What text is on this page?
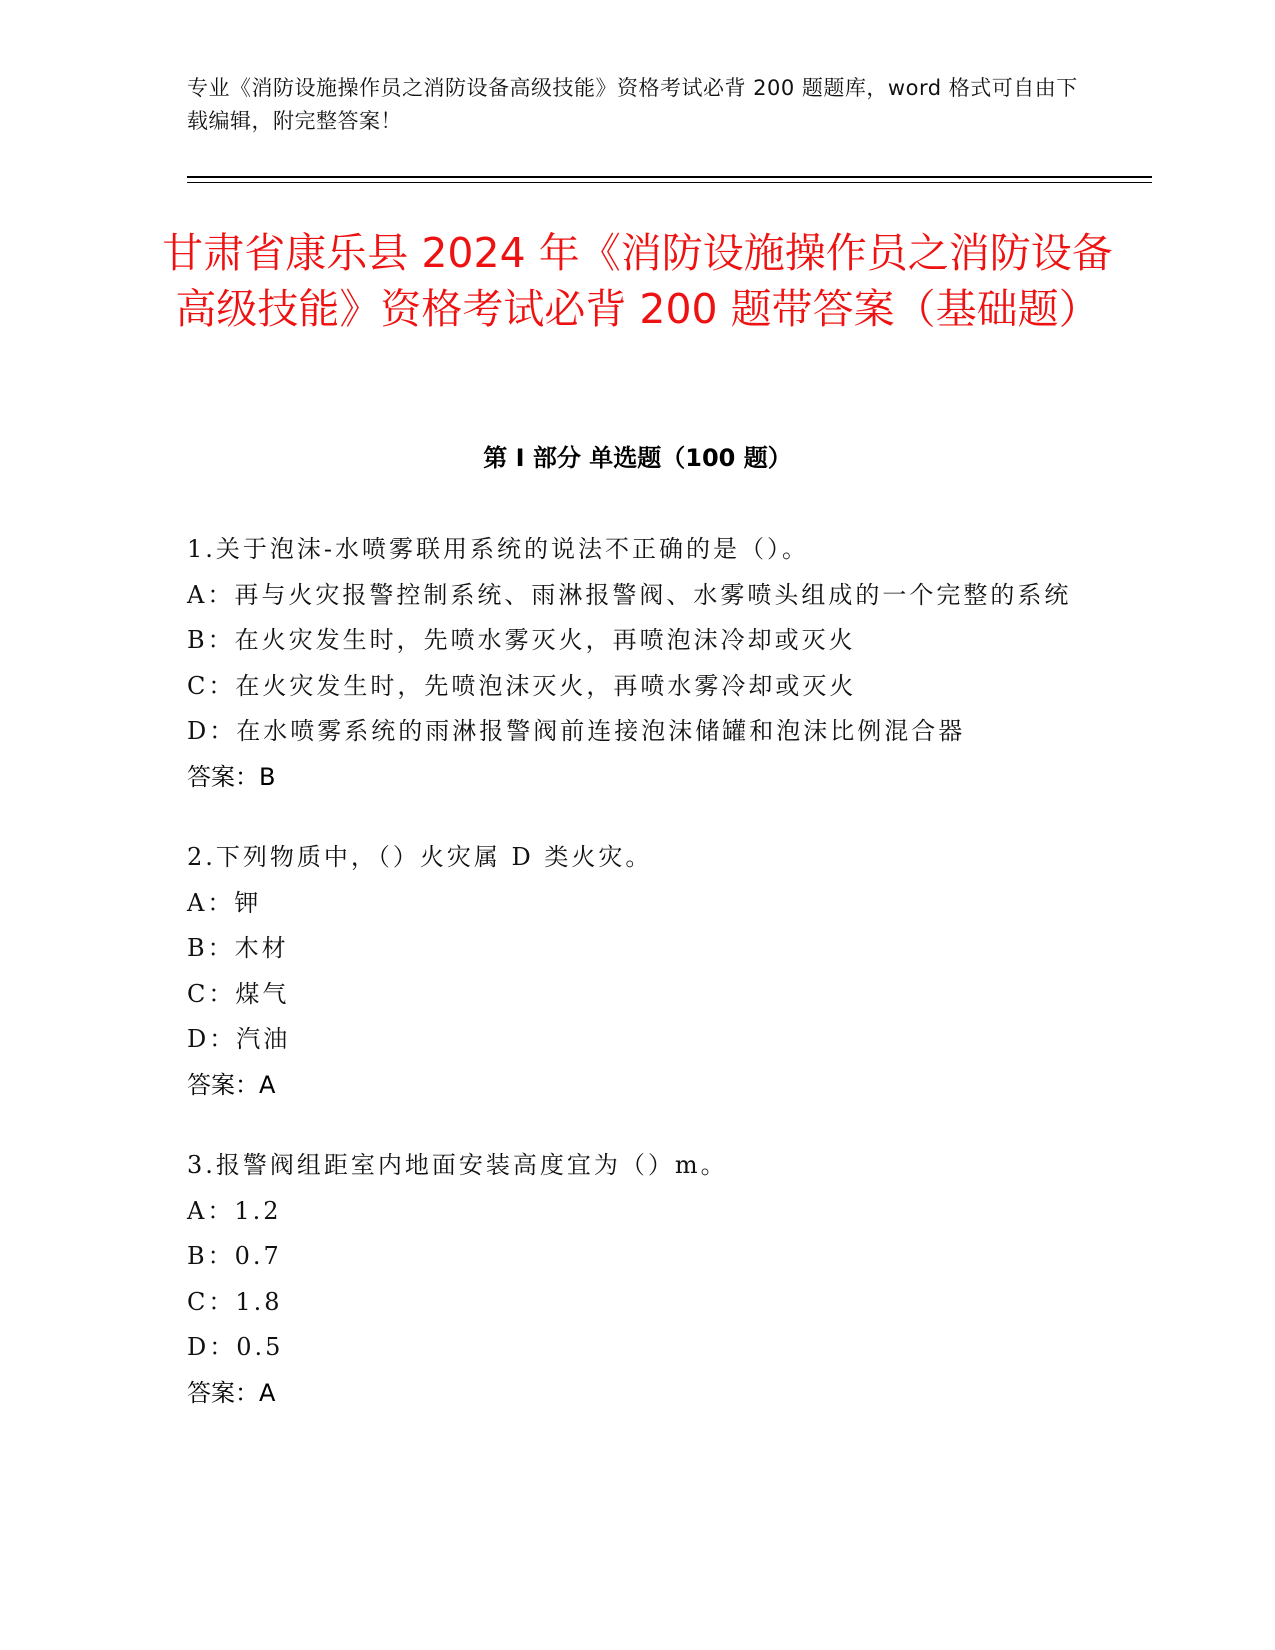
专业《消防设施操作员之消防设备高级技能》资格考试必背 200 题题库，word 格式可自由下载编辑，附完整答案！
甘肃省康乐县 2024 年《消防设施操作员之消防设备高级技能》资格考试必背 200 题带答案（基础题）
第 I 部分 单选题（100 题）
1.关于泡沫-水喷雾联用系统的说法不正确的是（）。
A：再与火灾报警控制系统、雨淋报警阀、水雾喷头组成的一个完整的系统
B：在火灾发生时，先喷水雾灭火，再喷泡沫冷却或灭火
C：在火灾发生时，先喷泡沫灭火，再喷水雾冷却或灭火
D：在水喷雾系统的雨淋报警阀前连接泡沫储罐和泡沫比例混合器
答案：B
2.下列物质中，（）火灾属 D 类火灾。
A：钾
B：木材
C：煤气
D：汽油
答案：A
3.报警阀组距室内地面安装高度宜为（）m。
A：1.2
B：0.7
C：1.8
D：0.5
答案：A
